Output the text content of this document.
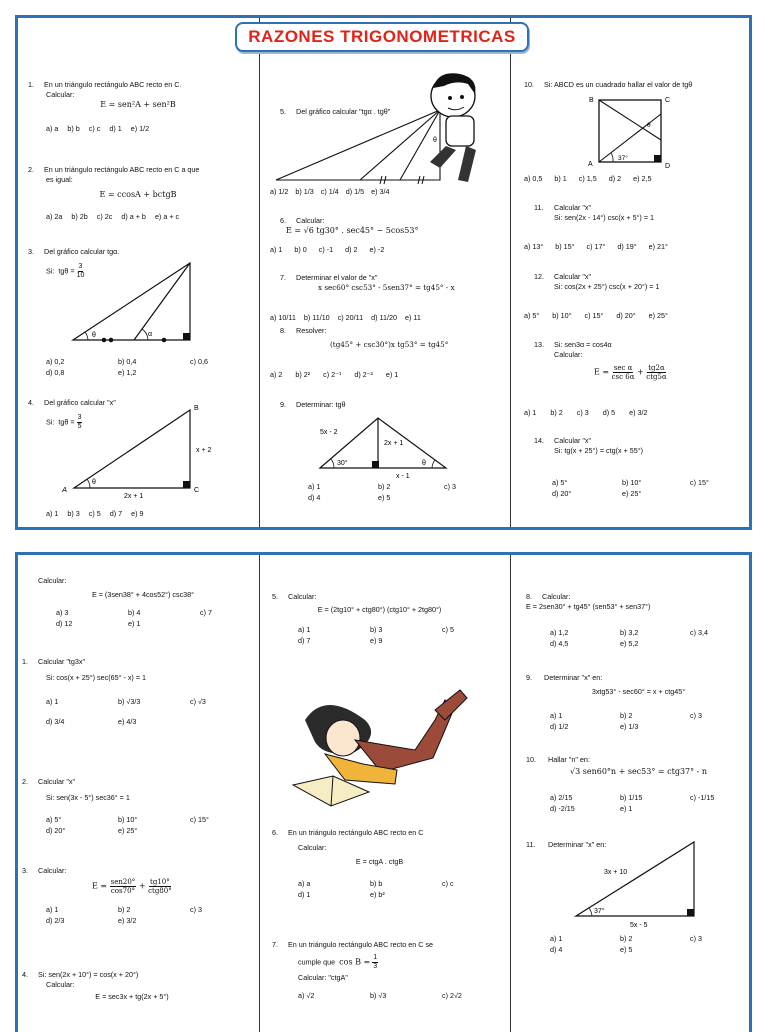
RAZONES TRIGONOMETRICAS

1. En un triángulo rectángulo ABC recto en C.

Calcular:

E = sen²A + sen²B

a) a b) b c) c d) 1 e) 1/2

2. En un triángulo rectángulo ABC recto en C a que

es igual:

E = ccosA + bctgB

a) 2a b) 2b c) 2c d) a + b e) a + c

3. Del gráfico calcular tgα.

Si: $tg\theta = \frac{3}{10}$

θ	α
a) 0,2	b) 0,4	c) 0,6
d) 0,8	e) 1,2

4. Del gráfico calcular "x"

Si: $tg\theta = \frac{3}{5}$

θ
A
B
C
x + 2
2x + 1
a) 1 b) 3 c) 5 d) 7 e) 9
θ

5. Del gráfico calcular "tgα . tgθ"

a) 1/2 b) 1/3 c) 1/4 d) 1/5 e) 3/4

6. Calcular:

E = √6 tg30° . sec45° − 5cos53°

a) 1 b) 0 c) -1 d) 2 e) -2

7. Determinar el valor de "x"

x sec60° csc53° - 5sen37° = tg45° - x

a) 10/11 b) 11/10 c) 20/11 d) 11/20 e) 11

8. Resolver:

(tg45° + csc30°)x tg53° = tg45°

a) 2 b) 2² c) 2⁻¹ d) 2⁻² e) 1

9. Determinar: tgθ

30°	θ
5x - 2
2x + 1
x - 1
a) 1	b) 2	c) 3
d) 4	e) 5

10. Si: ABCD es un cuadrado hallar el valor de tgθ

37°
θ
B	C
A	D
a) 0,5 b) 1 c) 1,5 d) 2 e) 2,5

11. Calcular "x"

Si: sen(2x - 14°) csc(x + 5°) = 1

a) 13° b) 15° c) 17° d) 19° e) 21°

12. Calcular "x"

Si: cos(2x + 25°) csc(x + 20°) = 1

a) 5° b) 10° c) 15° d) 20° e) 25°

13. Si: sen3α = cos4α

Calcular:

$E = \frac{\text{sec α}}{\csc 6\alpha} + \frac{tg2\alpha}{\text{ctg5α}}$

a) 1 b) 2 c) 3 d) 5 e) 3/2

14. Calcular "x"

Si: tg(x + 25°) = ctg(x + 55°)

a) 5°	b) 10°	c) 15°
d) 20°	e) 25°

Calcular:

E = (3sen38° + 4cos52°) csc38°

a) 3	b) 4	c) 7
d) 12	e) 1

1. Calcular "tg3x"

Si: cos(x + 25°) sec(65° - x) = 1

a) 1	b) √3/3	c) √3
d) 3/4	e) 4/3

2. Calcular "x"

Si: sen(3x - 5°) sec36° = 1

a) 5°	b) 10°	c) 15°
d) 20°	e) 25°

3. Calcular:

$E = \frac{\text{sen20°}}{\cos 70^\circ} + \frac{tg10^\circ}{\text{ctg80°}}$

a) 1	b) 2	c) 3
d) 2/3	e) 3/2

4. Si: sen(2x + 10°) = cos(x + 20°)

Calcular:

E = sec3x + tg(2x + 5°)

5. Calcular:

E = (2tg10° + ctg80°) (ctg10° + 2tg80°)

a) 1	b) 3	c) 5
d) 7	e) 9

6. En un triángulo rectángulo ABC recto en C

Calcular:

E = ctgA . ctgB

a) a	b) b	c) c
d) 1	e) b²

7. En un triángulo rectángulo ABC recto en C se

cumple que $\cos B = \frac{1}{3}$

Calcular: "ctgA"

a) √2	b) √3	c) 2√2

8. Calcular:

E = 2sen30° + tg45° (sen53° + sen37°)

a) 1,2	b) 3,2	c) 3,4
d) 4,5	e) 5,2

9. Determinar "x" en:

3xtg53° - sec60° = x + ctg45°

a) 1	b) 2	c) 3
d) 1/2	e) 1/3

10. Hallar "n" en:

√3 sen60°n + sec53° = ctg37° - n

a) 2/15	b) 1/15	c) -1/15
d) -2/15	e) 1

11. Determinar "x" en:

37°
3x + 10
5x - 5
a) 1	b) 2	c) 3
d) 4	e) 5
